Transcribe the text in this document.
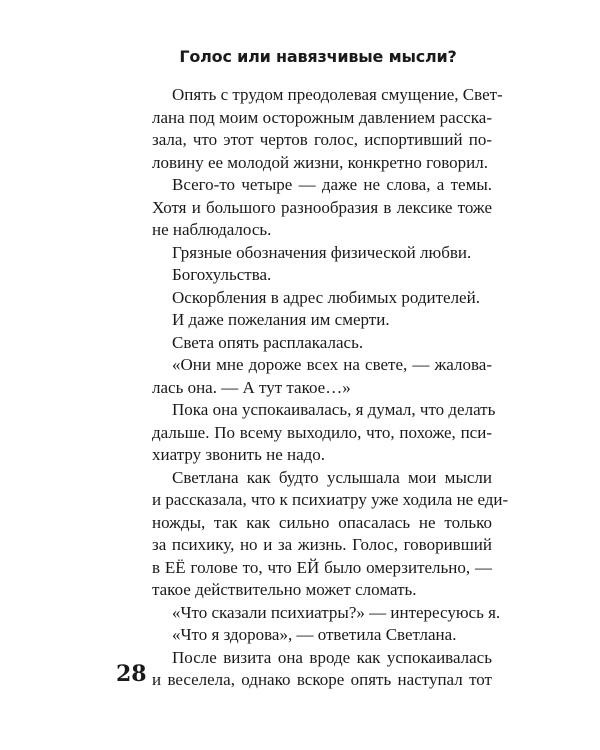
Голос или навязчивые мысли?
Опять с трудом преодолевая смущение, Свет-
лана под моим осторожным давлением расска-
зала, что этот чертов голос, испортивший по-
ловину ее молодой жизни, конкретно говорил.
Всего-то четыре — даже не слова, а темы.
Хотя и большого разнообразия в лексике тоже
не наблюдалось.
Грязные обозначения физической любви.
Богохульства.
Оскорбления в адрес любимых родителей.
И даже пожелания им смерти.
Света опять расплакалась.
«Они мне дороже всех на свете, — жалова-
лась она. — А тут такое…»
Пока она успокаивалась, я думал, что делать
дальше. По всему выходило, что, похоже, пси-
хиатру звонить не надо.
Светлана как будто услышала мои мысли
и рассказала, что к психиатру уже ходила не еди-
ножды, так как сильно опасалась не только
за психику, но и за жизнь. Голос, говоривший
в ЕЁ голове то, что ЕЙ было омерзительно, —
такое действительно может сломать.
«Что сказали психиатры?» — интересуюсь я.
«Что я здорова», — ответила Светлана.
После визита она вроде как успокаивалась
и веселела, однако вскоре опять наступал тот
28
